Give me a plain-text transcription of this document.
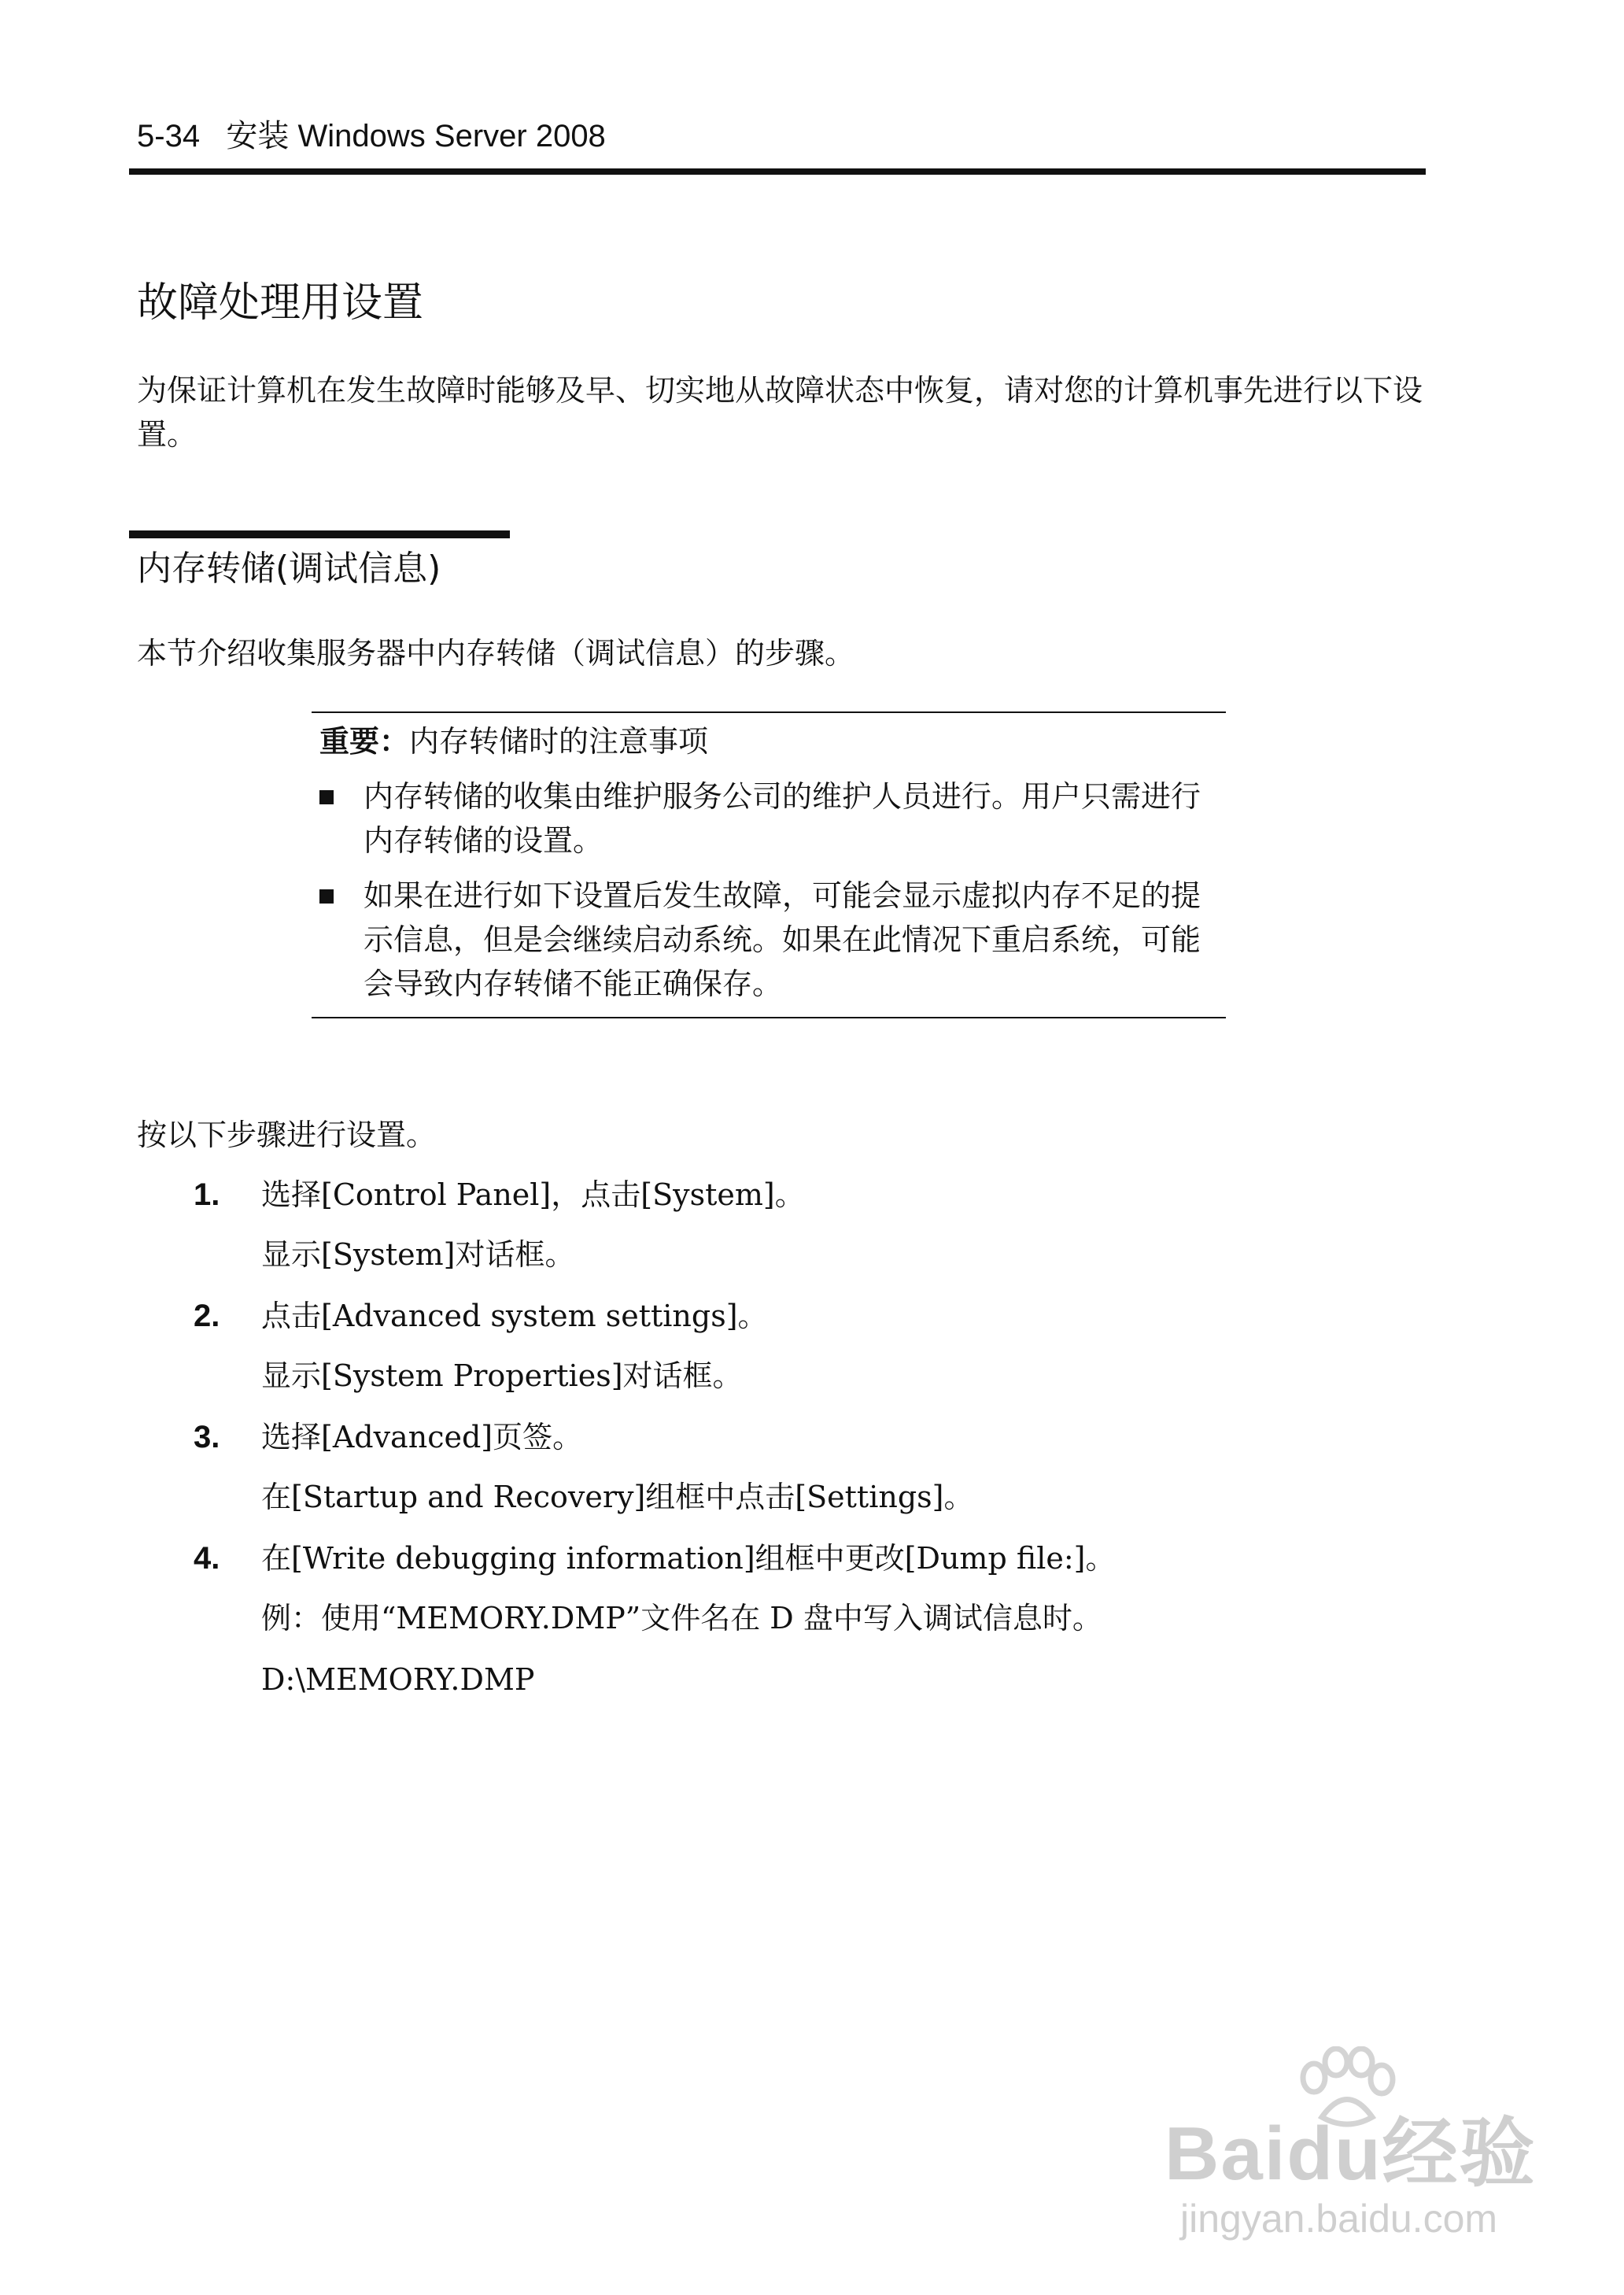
5-34 安装 Windows Server 2008
故障处理用设置
为保证计算机在发生故障时能够及早、切实地从故障状态中恢复，请对您的计算机事先进行以下设置。
内存转储(调试信息)
本节介绍收集服务器中内存转储（调试信息）的步骤。
重要：内存转储时的注意事项
内存转储的收集由维护服务公司的维护人员进行。用户只需进行内存转储的设置。
如果在进行如下设置后发生故障，可能会显示虚拟内存不足的提示信息，但是会继续启动系统。如果在此情况下重启系统，可能会导致内存转储不能正确保存。
按以下步骤进行设置。
1. 选择[Control Panel]，点击[System]。
显示[System]对话框。
2. 点击[Advanced system settings]。
显示[System Properties]对话框。
3. 选择[Advanced]页签。
在[Startup and Recovery]组框中点击[Settings]。
4. 在[Write debugging information]组框中更改[Dump file:]。
例：使用“MEMORY.DMP”文件名在 D 盘中写入调试信息时。
D:\MEMORY.DMP
Baidu经验
jingyan.baidu.com
